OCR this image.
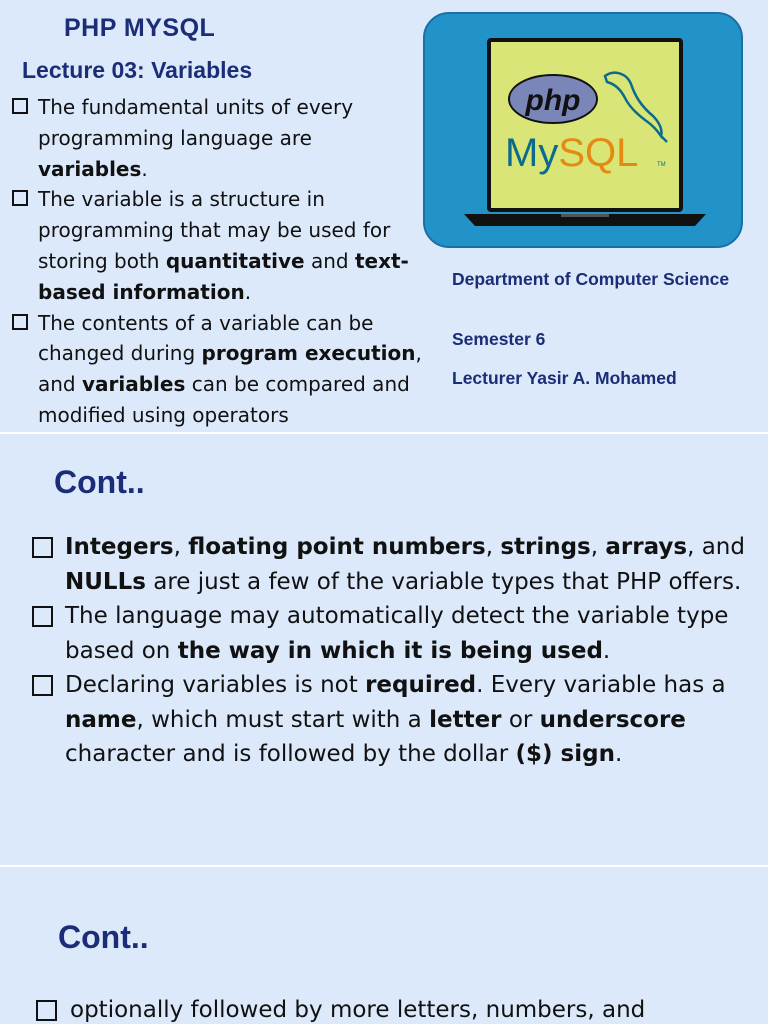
PHP MYSQL
Lecture 03: Variables
The fundamental units of every programming language are variables.
The variable is a structure in programming that may be used for storing both quantitative and text-based information.
The contents of a variable can be changed during program execution, and variables can be compared and modified using operators
php
MySQL	TM
Department of Computer Science
Semester 6
Lecturer Yasir A. Mohamed
Cont..
Integers, floating point numbers, strings, arrays, and NULLs are just a few of the variable types that PHP offers.
The language may automatically detect the variable type based on the way in which it is being used.
Declaring variables is not required. Every variable has a name, which must start with a letter or underscore character and is followed by the dollar ($) sign.
Cont..
optionally followed by more letters, numbers, and
